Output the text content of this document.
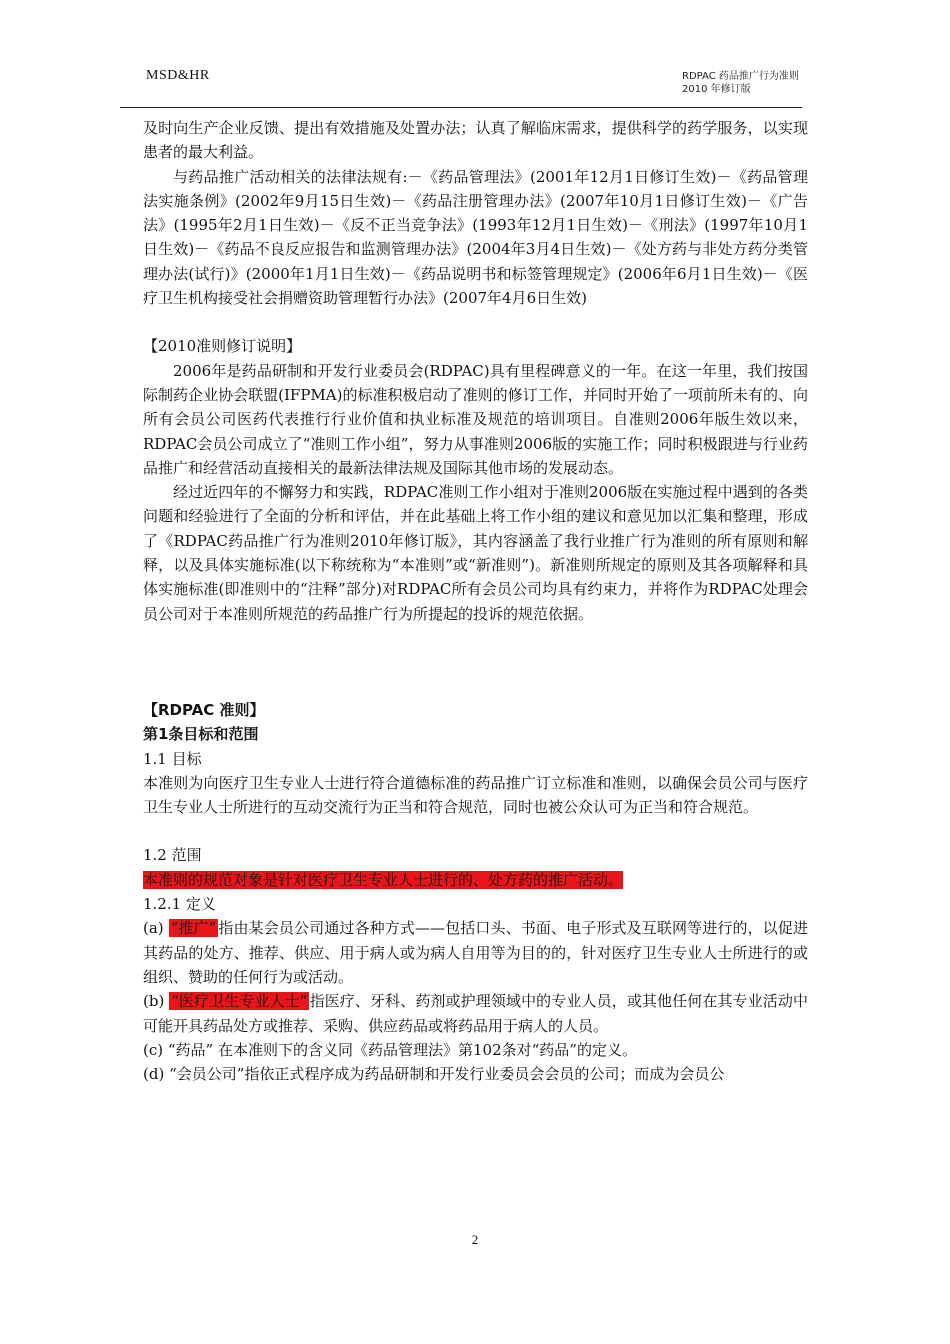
MSD&HR	RDPAC 药品推广行为准则
2010 年修订版

及时向生产企业反馈、提出有效措施及处置办法；认真了解临床需求，提供科学的药学服务，以实现患者的最大利益。

与药品推广活动相关的法律法规有:－《药品管理法》(2001年12月1日修订生效)－《药品管理法实施条例》(2002年9月15日生效)－《药品注册管理办法》(2007年10月1日修订生效)－《广告法》(1995年2月1日生效)－《反不正当竞争法》(1993年12月1日生效)－《刑法》(1997年10月1日生效)－《药品不良反应报告和监测管理办法》(2004年3月4日生效)－《处方药与非处方药分类管理办法(试行)》(2000年1月1日生效)－《药品说明书和标签管理规定》(2006年6月1日生效)－《医疗卫生机构接受社会捐赠资助管理暂行办法》(2007年4月6日生效)

【2010准则修订说明】

2006年是药品研制和开发行业委员会(RDPAC)具有里程碑意义的一年。在这一年里，我们按国际制药企业协会联盟(IFPMA)的标准积极启动了准则的修订工作，并同时开始了一项前所未有的、向所有会员公司医药代表推行行业价值和执业标准及规范的培训项目。自准则2006年版生效以来，RDPAC会员公司成立了“准则工作小组”，努力从事准则2006版的实施工作；同时积极跟进与行业药品推广和经营活动直接相关的最新法律法规及国际其他市场的发展动态。

经过近四年的不懈努力和实践，RDPAC准则工作小组对于准则2006版在实施过程中遇到的各类问题和经验进行了全面的分析和评估，并在此基础上将工作小组的建议和意见加以汇集和整理，形成了《RDPAC药品推广行为准则2010年修订版》，其内容涵盖了我行业推广行为准则的所有原则和解释，以及具体实施标准(以下称统称为“本准则”或“新准则”)。新准则所规定的原则及其各项解释和具体实施标准(即准则中的“注释”部分)对RDPAC所有会员公司均具有约束力，并将作为RDPAC处理会员公司对于本准则所规范的药品推广行为所提起的投诉的规范依据。

【RDPAC 准则】

第1条目标和范围

1.1 目标

本准则为向医疗卫生专业人士进行符合道德标准的药品推广订立标准和准则，以确保会员公司与医疗卫生专业人士所进行的互动交流行为正当和符合规范，同时也被公众认可为正当和符合规范。

1.2 范围

本准则的规范对象是针对医疗卫生专业人士进行的、处方药的推广活动。

1.2.1 定义

(a) “推广” 指由某会员公司通过各种方式——包括口头、书面、电子形式及互联网等进行的，以促进其药品的处方、推荐、供应、用于病人或为病人自用等为目的的，针对医疗卫生专业人士所进行的或组织、赞助的任何行为或活动。

(b) “医疗卫生专业人士” 指医疗、牙科、药剂或护理领域中的专业人员，或其他任何在其专业活动中可能开具药品处方或推荐、采购、供应药品或将药品用于病人的人员。

(c) “药品” 在本准则下的含义同《药品管理法》第102条对“药品”的定义。

(d) “会员公司”指依正式程序成为药品研制和开发行业委员会会员的公司；而成为会员公

2
